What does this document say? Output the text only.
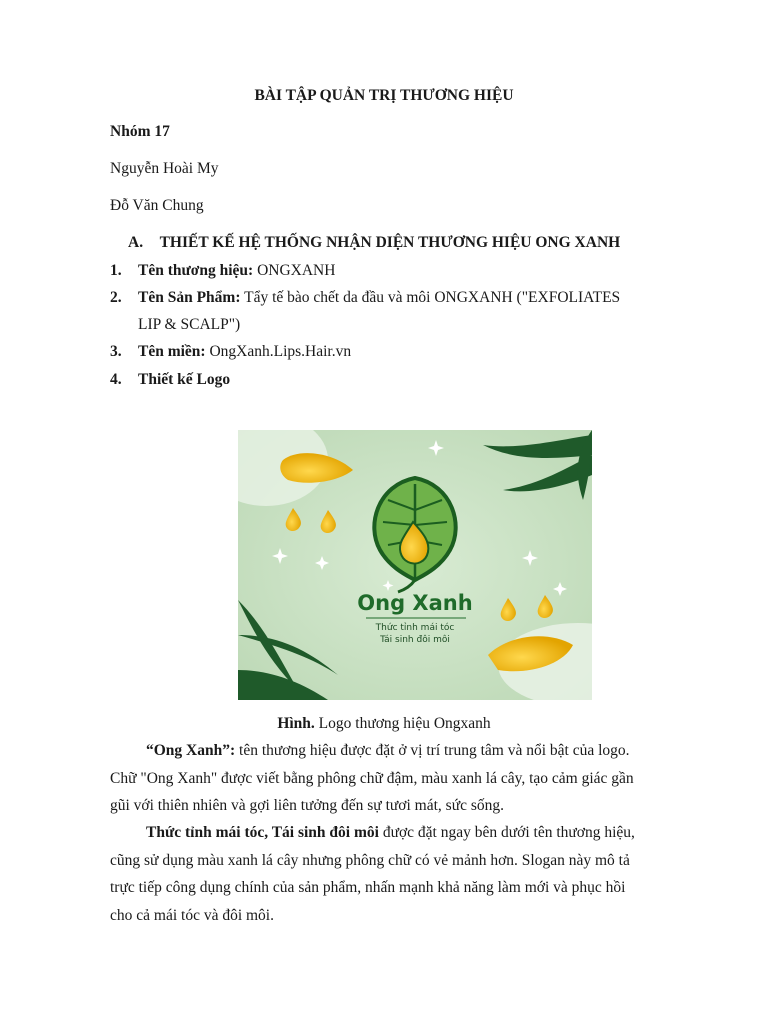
BÀI TẬP QUẢN TRỊ THƯƠNG HIỆU
Nhóm 17
Nguyễn Hoài My
Đỗ Văn Chung
A. THIẾT KẾ HỆ THỐNG NHẬN DIỆN THƯƠNG HIỆU ONG XANH
1. Tên thương hiệu: ONGXANH
2. Tên Sản Phẩm: Tẩy tế bào chết da đầu và môi ONGXANH ("EXFOLIATES
LIP & SCALP")
3. Tên miền: OngXanh.Lips.Hair.vn
4. Thiết kế Logo
Ong Xanh
Thức tỉnh mái tóc
Tái sinh đôi môi
Hình. Logo thương hiệu Ongxanh
“Ong Xanh”: tên thương hiệu được đặt ở vị trí trung tâm và nổi bật của logo.
Chữ "Ong Xanh" được viết bằng phông chữ đậm, màu xanh lá cây, tạo cảm giác gần
gũi với thiên nhiên và gợi liên tưởng đến sự tươi mát, sức sống.
Thức tỉnh mái tóc, Tái sinh đôi môi được đặt ngay bên dưới tên thương hiệu,
cũng sử dụng màu xanh lá cây nhưng phông chữ có vẻ mảnh hơn. Slogan này mô tả
trực tiếp công dụng chính của sản phẩm, nhấn mạnh khả năng làm mới và phục hồi
cho cả mái tóc và đôi môi.
